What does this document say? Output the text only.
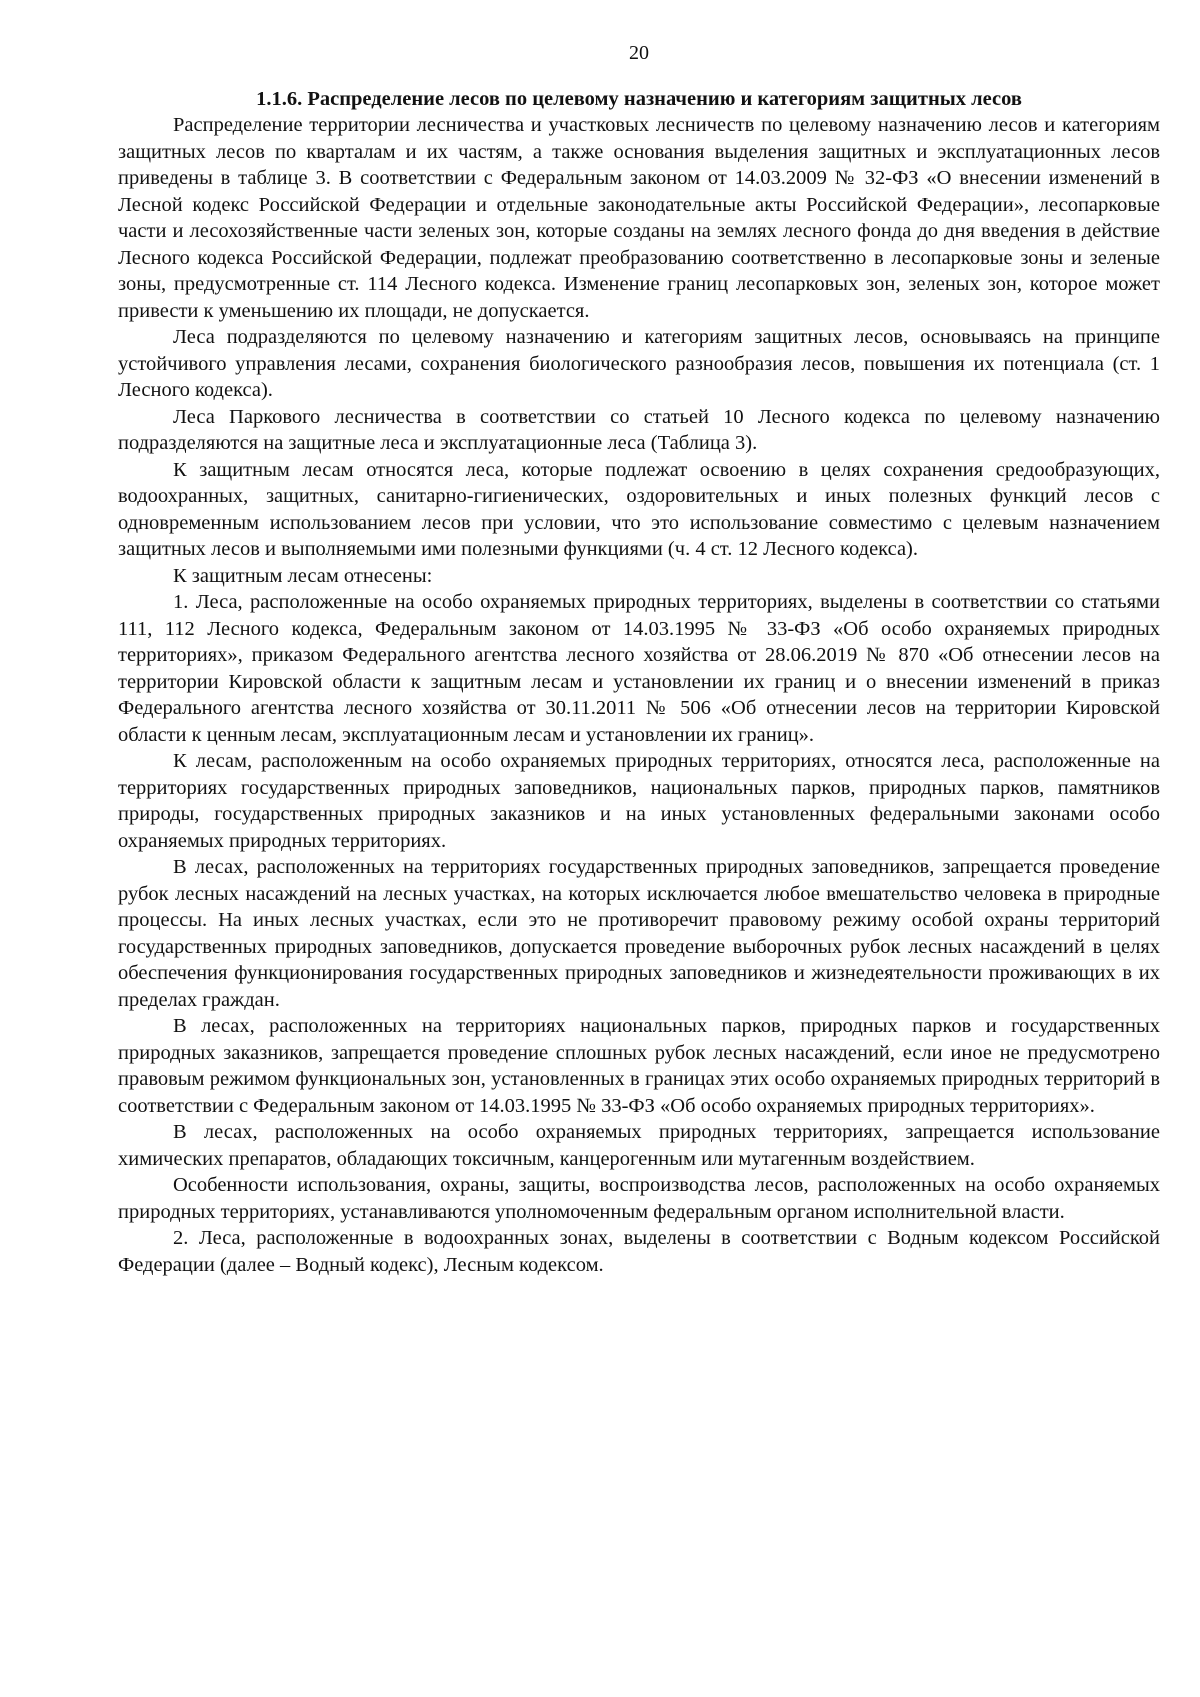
20
1.1.6. Распределение лесов по целевому назначению и категориям защитных лесов

Распределение территории лесничества и участковых лесничеств по целевому назначению лесов и категориям защитных лесов по кварталам и их частям, а также основания выделения защитных и эксплуатационных лесов приведены в таблице 3. В соответствии с Федеральным законом от 14.03.2009 № 32-ФЗ «О внесении изменений в Лесной кодекс Российской Федерации и отдельные законодательные акты Российской Федерации», лесопарковые части и лесохозяйственные части зеленых зон, которые созданы на землях лесного фонда до дня введения в действие Лесного кодекса Российской Федерации, подлежат преобразованию соответственно в лесопарковые зоны и зеленые зоны, предусмотренные ст. 114 Лесного кодекса. Изменение границ лесопарковых зон, зеленых зон, которое может привести к уменьшению их площади, не допускается.

Леса подразделяются по целевому назначению и категориям защитных лесов, основываясь на принципе устойчивого управления лесами, сохранения биологического разнообразия лесов, повышения их потенциала (ст. 1 Лесного кодекса).

Леса Паркового лесничества в соответствии со статьей 10 Лесного кодекса по целевому назначению подразделяются на защитные леса и эксплуатационные леса (Таблица 3).

К защитным лесам относятся леса, которые подлежат освоению в целях сохранения средообразующих, водоохранных, защитных, санитарно-гигиенических, оздоровительных и иных полезных функций лесов с одновременным использованием лесов при условии, что это использование совместимо с целевым назначением защитных лесов и выполняемыми ими полезными функциями (ч. 4 ст. 12 Лесного кодекса).

К защитным лесам отнесены:

1. Леса, расположенные на особо охраняемых природных территориях, выделены в соответствии со статьями 111, 112 Лесного кодекса, Федеральным законом от 14.03.1995 № 33-ФЗ «Об особо охраняемых природных территориях», приказом Федерального агентства лесного хозяйства от 28.06.2019 № 870 «Об отнесении лесов на территории Кировской области к защитным лесам и установлении их границ и о внесении изменений в приказ Федерального агентства лесного хозяйства от 30.11.2011 № 506 «Об отнесении лесов на территории Кировской области к ценным лесам, эксплуатационным лесам и установлении их границ».

К лесам, расположенным на особо охраняемых природных территориях, относятся леса, расположенные на территориях государственных природных заповедников, национальных парков, природных парков, памятников природы, государственных природных заказников и на иных установленных федеральными законами особо охраняемых природных территориях.

В лесах, расположенных на территориях государственных природных заповедников, запрещается проведение рубок лесных насаждений на лесных участках, на которых исключается любое вмешательство человека в природные процессы. На иных лесных участках, если это не противоречит правовому режиму особой охраны территорий государственных природных заповедников, допускается проведение выборочных рубок лесных насаждений в целях обеспечения функционирования государственных природных заповедников и жизнедеятельности проживающих в их пределах граждан.

В лесах, расположенных на территориях национальных парков, природных парков и государственных природных заказников, запрещается проведение сплошных рубок лесных насаждений, если иное не предусмотрено правовым режимом функциональных зон, установленных в границах этих особо охраняемых природных территорий в соответствии с Федеральным законом от 14.03.1995 № 33-ФЗ «Об особо охраняемых природных территориях».

В лесах, расположенных на особо охраняемых природных территориях, запрещается использование химических препаратов, обладающих токсичным, канцерогенным или мутагенным воздействием.

Особенности использования, охраны, защиты, воспроизводства лесов, расположенных на особо охраняемых природных территориях, устанавливаются уполномоченным федеральным органом исполнительной власти.

2. Леса, расположенные в водоохранных зонах, выделены в соответствии с Водным кодексом Российской Федерации (далее – Водный кодекс), Лесным кодексом.
